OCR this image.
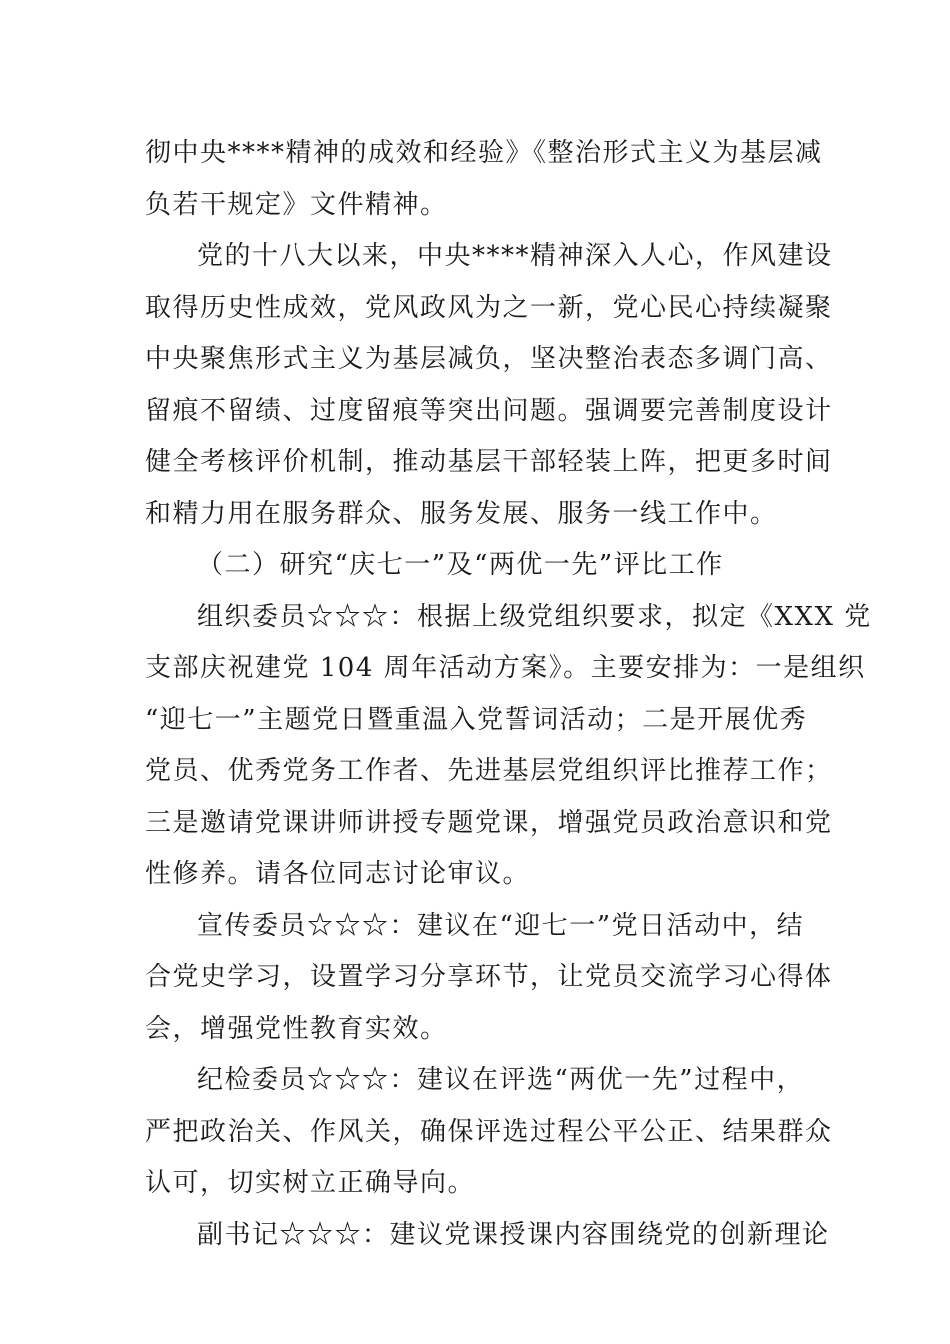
彻中央****精神的成效和经验》《整治形式主义为基层减
负若干规定》文件精神。
党的十八大以来，中央****精神深入人心，作风建设
取得历史性成效，党风政风为之一新，党心民心持续凝聚
中央聚焦形式主义为基层减负，坚决整治表态多调门高、
留痕不留绩、过度留痕等突出问题。强调要完善制度设计
健全考核评价机制，推动基层干部轻装上阵，把更多时间
和精力用在服务群众、服务发展、服务一线工作中。
（二）研究“庆七一”及“两优一先”评比工作
组织委员☆☆☆：根据上级党组织要求，拟定《XXX 党
支部庆祝建党 104 周年活动方案》。主要安排为：一是组织
“迎七一”主题党日暨重温入党誓词活动；二是开展优秀
党员、优秀党务工作者、先进基层党组织评比推荐工作；
三是邀请党课讲师讲授专题党课，增强党员政治意识和党
性修养。请各位同志讨论审议。
宣传委员☆☆☆：建议在“迎七一”党日活动中，结
合党史学习，设置学习分享环节，让党员交流学习心得体
会，增强党性教育实效。
纪检委员☆☆☆：建议在评选“两优一先”过程中，
严把政治关、作风关，确保评选过程公平公正、结果群众
认可，切实树立正确导向。
副书记☆☆☆：建议党课授课内容围绕党的创新理论
